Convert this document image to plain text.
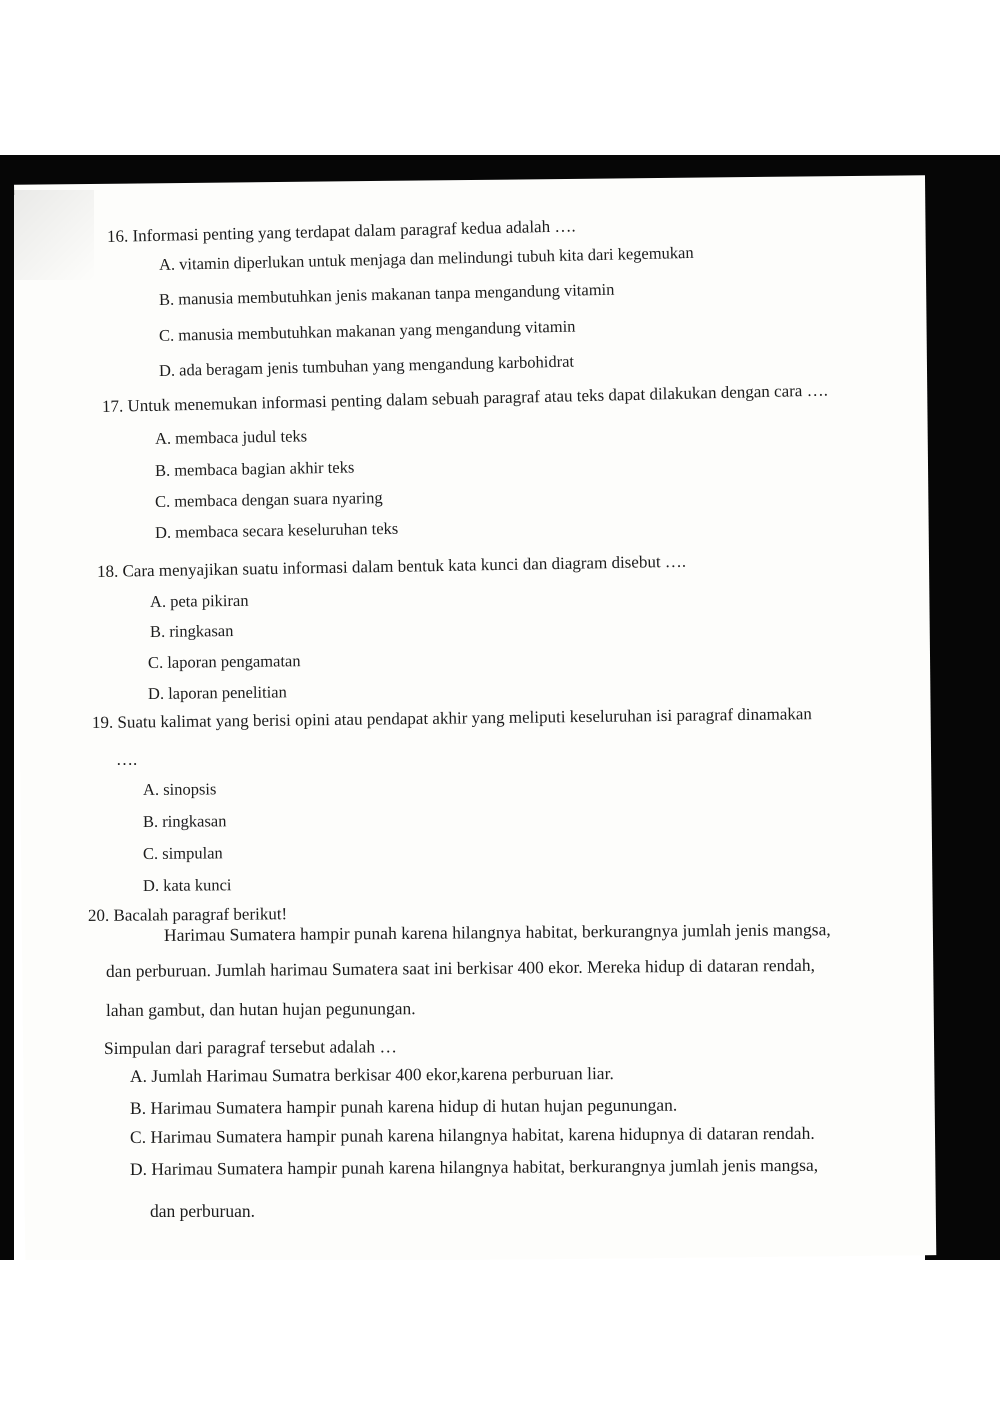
16. Informasi penting yang terdapat dalam paragraf kedua adalah ….
A. vitamin diperlukan untuk menjaga dan melindungi tubuh kita dari kegemukan
B. manusia membutuhkan jenis makanan tanpa mengandung vitamin
C. manusia membutuhkan makanan yang mengandung vitamin
D. ada beragam jenis tumbuhan yang mengandung karbohidrat
17. Untuk menemukan informasi penting dalam sebuah paragraf atau teks dapat dilakukan dengan cara ….
A. membaca judul teks
B. membaca bagian akhir teks
C. membaca dengan suara nyaring
D. membaca secara keseluruhan teks
18. Cara menyajikan suatu informasi dalam bentuk kata kunci dan diagram disebut ….
A. peta pikiran
B. ringkasan
C. laporan pengamatan
D. laporan penelitian
19. Suatu kalimat yang berisi opini atau pendapat akhir yang meliputi keseluruhan isi paragraf dinamakan
….
A. sinopsis
B. ringkasan
C. simpulan
D. kata kunci
20. Bacalah paragraf berikut!
Harimau Sumatera hampir punah karena hilangnya habitat, berkurangnya jumlah jenis mangsa,
dan perburuan. Jumlah harimau Sumatera saat ini berkisar 400 ekor. Mereka hidup di dataran rendah,
lahan gambut, dan hutan hujan pegunungan.
Simpulan dari paragraf tersebut adalah …
A. Jumlah Harimau Sumatra berkisar 400 ekor,karena perburuan liar.
B. Harimau Sumatera hampir punah karena hidup di hutan hujan pegunungan.
C. Harimau Sumatera hampir punah karena hilangnya habitat, karena hidupnya di dataran rendah.
D. Harimau Sumatera hampir punah karena hilangnya habitat, berkurangnya jumlah jenis mangsa,
dan perburuan.
